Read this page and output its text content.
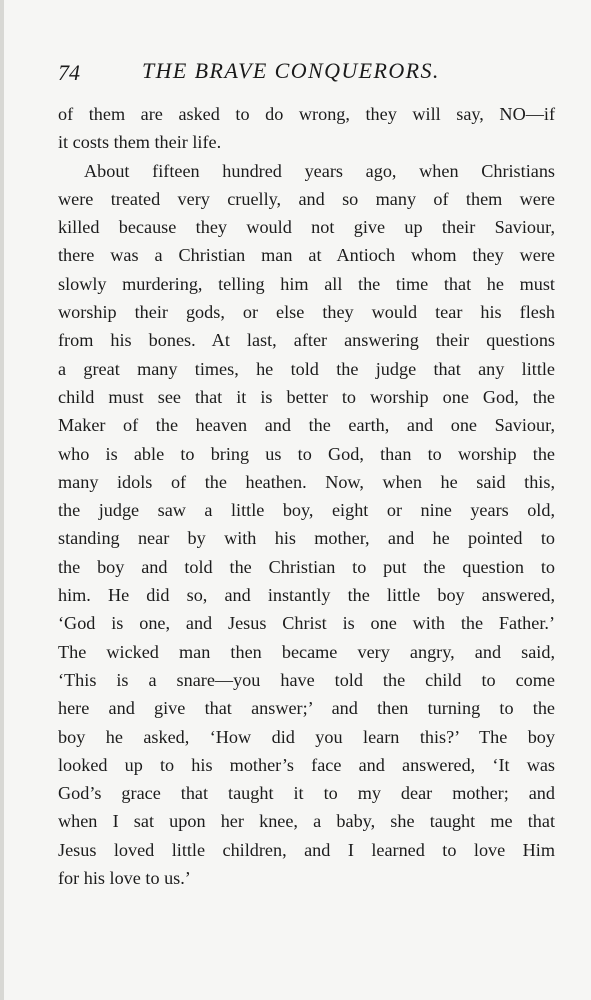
74	THE BRAVE CONQUERORS.
of them are asked to do wrong, they will say, NO—if
it costs them their life.
About fifteen hundred years ago, when Christians
were treated very cruelly, and so many of them were
killed because they would not give up their Saviour,
there was a Christian man at Antioch whom they were
slowly murdering, telling him all the time that he must
worship their gods, or else they would tear his flesh
from his bones. At last, after answering their questions
a great many times, he told the judge that any little
child must see that it is better to worship one God, the
Maker of the heaven and the earth, and one Saviour,
who is able to bring us to God, than to worship the
many idols of the heathen. Now, when he said this,
the judge saw a little boy, eight or nine years old,
standing near by with his mother, and he pointed to
the boy and told the Christian to put the question to
him. He did so, and instantly the little boy answered,
‘God is one, and Jesus Christ is one with the Father.’
The wicked man then became very angry, and said,
‘This is a snare—you have told the child to come
here and give that answer;’ and then turning to the
boy he asked, ‘How did you learn this?’ The boy
looked up to his mother’s face and answered, ‘It was
God’s grace that taught it to my dear mother; and
when I sat upon her knee, a baby, she taught me that
Jesus loved little children, and I learned to love Him
for his love to us.’
